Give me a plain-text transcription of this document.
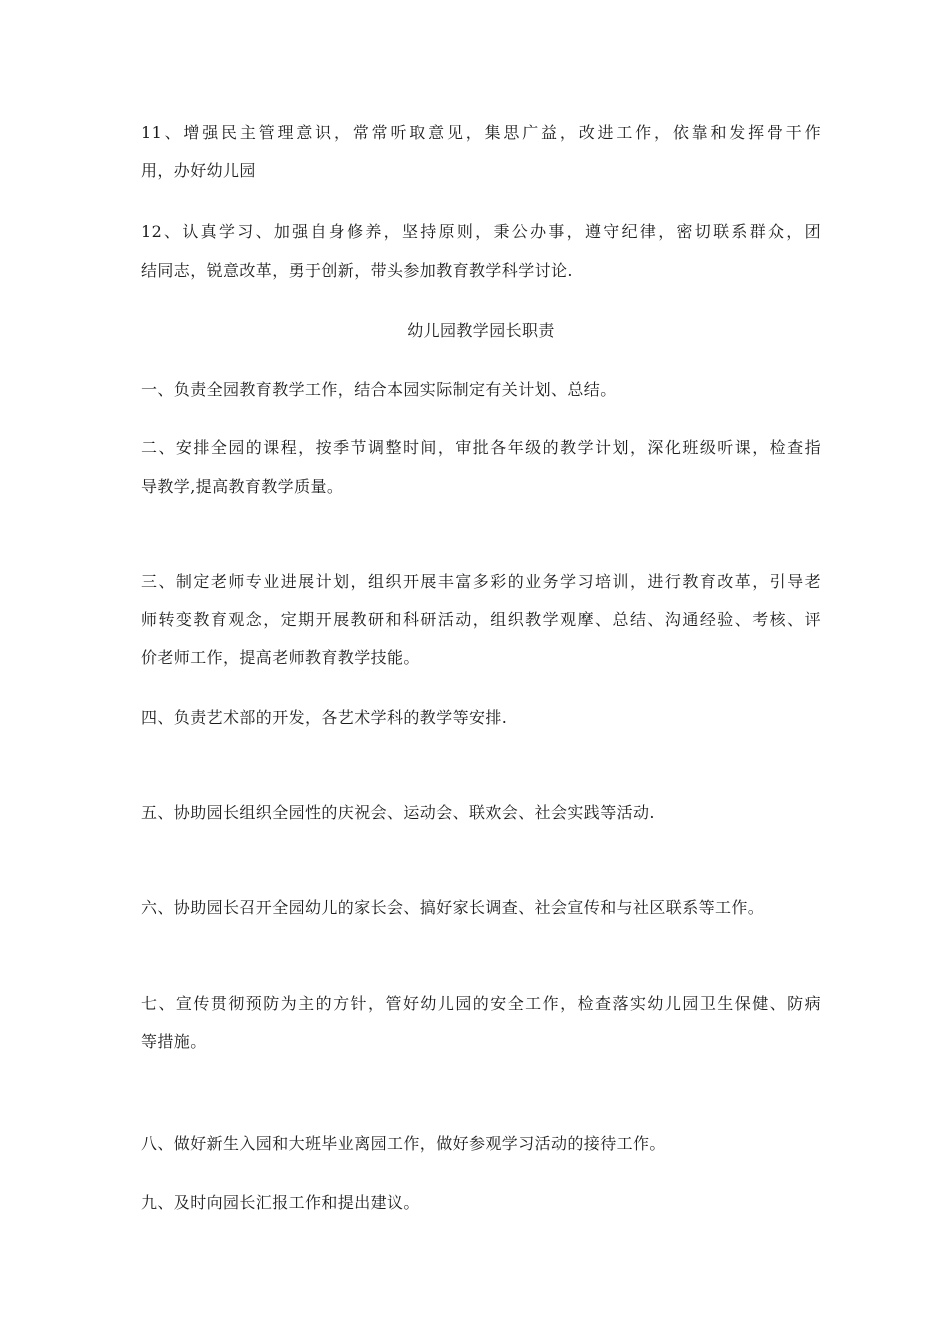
11、增强民主管理意识，常常听取意见，集思广益，改进工作，依靠和发挥骨干作
用，办好幼儿园
12、认真学习、加强自身修养，坚持原则，秉公办事，遵守纪律，密切联系群众，团
结同志，锐意改革，勇于创新，带头参加教育教学科学讨论.
幼儿园教学园长职责
一、负责全园教育教学工作，结合本园实际制定有关计划、总结。
二、安排全园的课程，按季节调整时间，审批各年级的教学计划，深化班级听课，检查指
导教学,提高教育教学质量。
三、制定老师专业进展计划，组织开展丰富多彩的业务学习培训，进行教育改革，引导老
师转变教育观念，定期开展教研和科研活动，组织教学观摩、总结、沟通经验、考核、评
价老师工作，提高老师教育教学技能。
四、负责艺术部的开发，各艺术学科的教学等安排.
五、协助园长组织全园性的庆祝会、运动会、联欢会、社会实践等活动.
六、协助园长召开全园幼儿的家长会、搞好家长调查、社会宣传和与社区联系等工作。
七、宣传贯彻预防为主的方针，管好幼儿园的安全工作，检查落实幼儿园卫生保健、防病
等措施。
八、做好新生入园和大班毕业离园工作，做好参观学习活动的接待工作。
九、及时向园长汇报工作和提出建议。
